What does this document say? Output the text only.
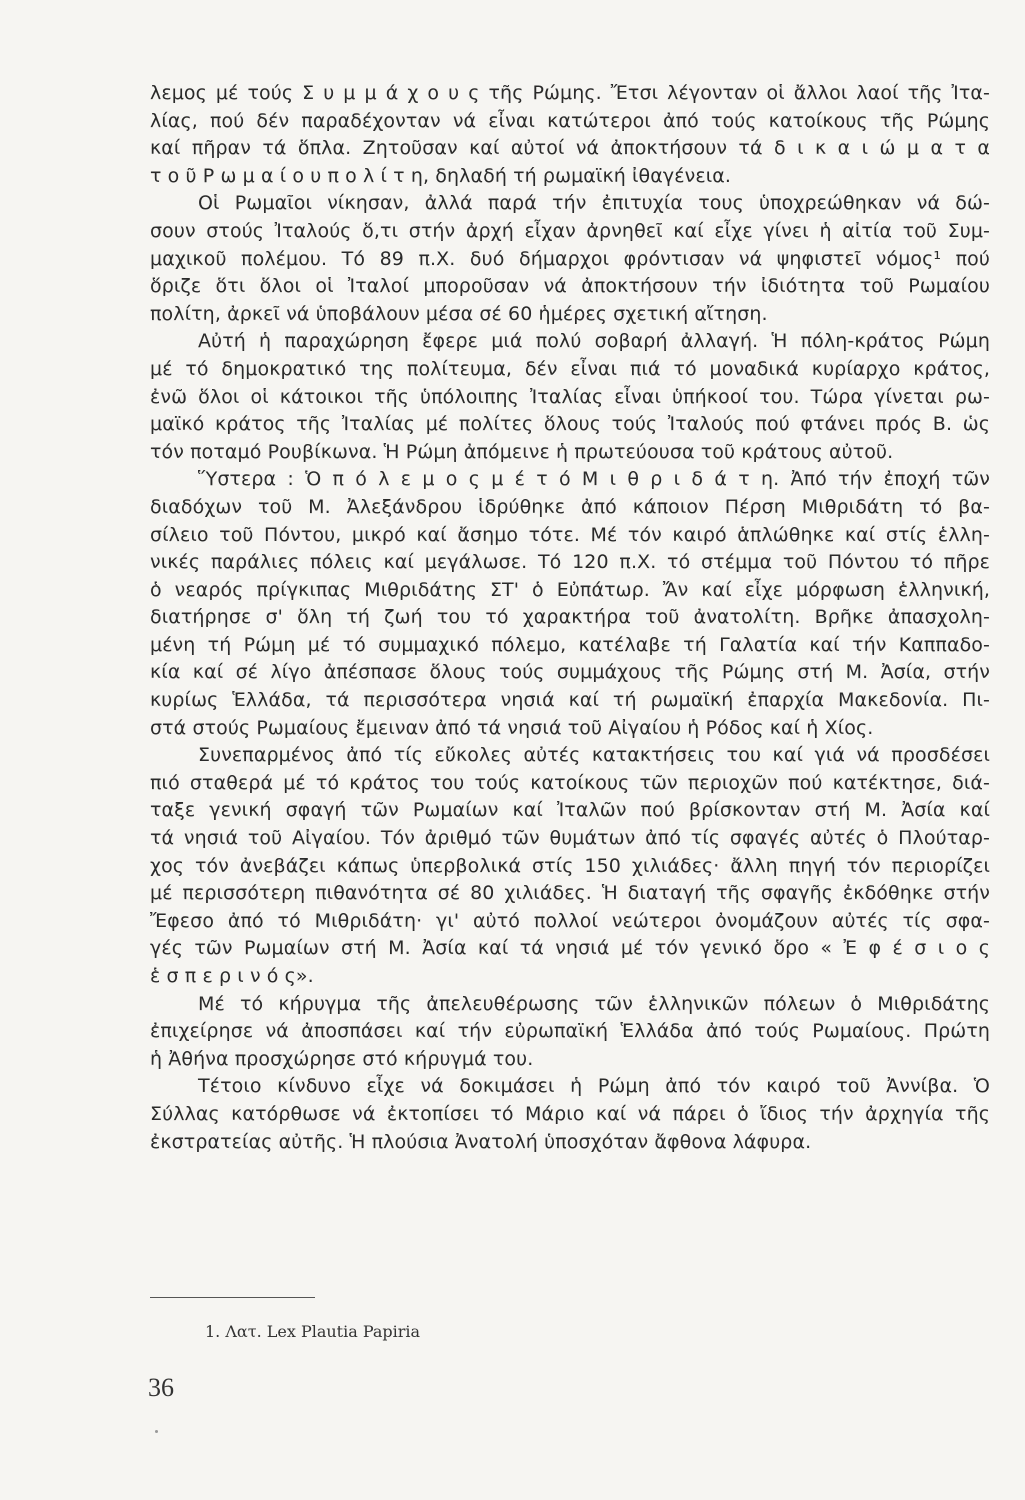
λεμος μέ τούς Σ υ μ μ ά χ ο υ ς τῆς Ρώμης. Ἔτσι λέγονταν οἱ ἄλλοι λαοί τῆς Ἰτα-
λίας, πού δέν παραδέχονταν νά εἶναι κατώτεροι ἀπό τούς κατοίκους τῆς Ρώμης
καί πῆραν τά ὅπλα. Ζητοῦσαν καί αὐτοί νά ἀποκτήσουν τά δ ι κ α ι ώ μ α τ α
τ ο ῦ Ρ ω μ α ί ο υ π ο λ ί τ η, δηλαδή τή ρωμαϊκή ἰθαγένεια.
Οἱ Ρωμαῖοι νίκησαν, ἀλλά παρά τήν ἐπιτυχία τους ὑποχρεώθηκαν νά δώ-
σουν στούς Ἰταλούς ὅ,τι στήν ἀρχή εἶχαν ἀρνηθεῖ καί εἶχε γίνει ἡ αἰτία τοῦ Συμ-
μαχικοῦ πολέμου. Τό 89 π.Χ. δυό δήμαρχοι φρόντισαν νά ψηφιστεῖ νόμος¹ πού
ὅριζε ὅτι ὅλοι οἱ Ἰταλοί μποροῦσαν νά ἀποκτήσουν τήν ἰδιότητα τοῦ Ρωμαίου
πολίτη, ἀρκεῖ νά ὑποβάλουν μέσα σέ 60 ἡμέρες σχετική αἴτηση.
Αὐτή ἡ παραχώρηση ἔφερε μιά πολύ σοβαρή ἀλλαγή. Ἡ πόλη-κράτος Ρώμη
μέ τό δημοκρατικό της πολίτευμα, δέν εἶναι πιά τό μοναδικά κυρίαρχο κράτος,
ἐνῶ ὅλοι οἱ κάτοικοι τῆς ὑπόλοιπης Ἰταλίας εἶναι ὑπήκοοί του. Τώρα γίνεται ρω-
μαϊκό κράτος τῆς Ἰταλίας μέ πολίτες ὅλους τούς Ἰταλούς πού φτάνει πρός Β. ὡς
τόν ποταμό Ρουβίκωνα. Ἡ Ρώμη ἀπόμεινε ἡ πρωτεύουσα τοῦ κράτους αὐτοῦ.
Ὕστερα : Ὁ π ό λ ε μ ο ς μ έ τ ό Μ ι θ ρ ι δ ά τ η. Ἀπό τήν ἐποχή τῶν
διαδόχων τοῦ Μ. Ἀλεξάνδρου ἱδρύθηκε ἀπό κάποιον Πέρση Μιθριδάτη τό βα-
σίλειο τοῦ Πόντου, μικρό καί ἄσημο τότε. Μέ τόν καιρό ἁπλώθηκε καί στίς ἑλλη-
νικές παράλιες πόλεις καί μεγάλωσε. Τό 120 π.Χ. τό στέμμα τοῦ Πόντου τό πῆρε
ὁ νεαρός πρίγκιπας Μιθριδάτης ΣΤ' ὁ Εὐπάτωρ. Ἄν καί εἶχε μόρφωση ἑλληνική,
διατήρησε σ' ὅλη τή ζωή του τό χαρακτήρα τοῦ ἀνατολίτη. Βρῆκε ἀπασχολη-
μένη τή Ρώμη μέ τό συμμαχικό πόλεμο, κατέλαβε τή Γαλατία καί τήν Καππαδο-
κία καί σέ λίγο ἀπέσπασε ὅλους τούς συμμάχους τῆς Ρώμης στή Μ. Ἀσία, στήν
κυρίως Ἑλλάδα, τά περισσότερα νησιά καί τή ρωμαϊκή ἐπαρχία Μακεδονία. Πι-
στά στούς Ρωμαίους ἔμειναν ἀπό τά νησιά τοῦ Αἰγαίου ἡ Ρόδος καί ἡ Χίος.
Συνεπαρμένος ἀπό τίς εὔκολες αὐτές κατακτήσεις του καί γιά νά προσδέσει
πιό σταθερά μέ τό κράτος του τούς κατοίκους τῶν περιοχῶν πού κατέκτησε, διά-
ταξε γενική σφαγή τῶν Ρωμαίων καί Ἰταλῶν πού βρίσκονταν στή Μ. Ἀσία καί
τά νησιά τοῦ Αἰγαίου. Τόν ἀριθμό τῶν θυμάτων ἀπό τίς σφαγές αὐτές ὁ Πλούταρ-
χος τόν ἀνεβάζει κάπως ὑπερβολικά στίς 150 χιλιάδες· ἄλλη πηγή τόν περιορίζει
μέ περισσότερη πιθανότητα σέ 80 χιλιάδες. Ἡ διαταγή τῆς σφαγῆς ἐκδόθηκε στήν
Ἔφεσο ἀπό τό Μιθριδάτη· γι' αὐτό πολλοί νεώτεροι ὀνομάζουν αὐτές τίς σφα-
γές τῶν Ρωμαίων στή Μ. Ἀσία καί τά νησιά μέ τόν γενικό ὅρο « Ἐ φ έ σ ι ο ς
ἑ σ π ε ρ ι ν ό ς».
Μέ τό κήρυγμα τῆς ἀπελευθέρωσης τῶν ἑλληνικῶν πόλεων ὁ Μιθριδάτης
ἐπιχείρησε νά ἀποσπάσει καί τήν εὐρωπαϊκή Ἑλλάδα ἀπό τούς Ρωμαίους. Πρώτη
ἡ Ἀθήνα προσχώρησε στό κήρυγμά του.
Τέτοιο κίνδυνο εἶχε νά δοκιμάσει ἡ Ρώμη ἀπό τόν καιρό τοῦ Ἀννίβα. Ὁ
Σύλλας κατόρθωσε νά ἐκτοπίσει τό Μάριο καί νά πάρει ὁ ἴδιος τήν ἀρχηγία τῆς
ἐκστρατείας αὐτῆς. Ἡ πλούσια Ἀνατολή ὑποσχόταν ἄφθονα λάφυρα.
1. Λατ. Lex Plautia Papiria
36
